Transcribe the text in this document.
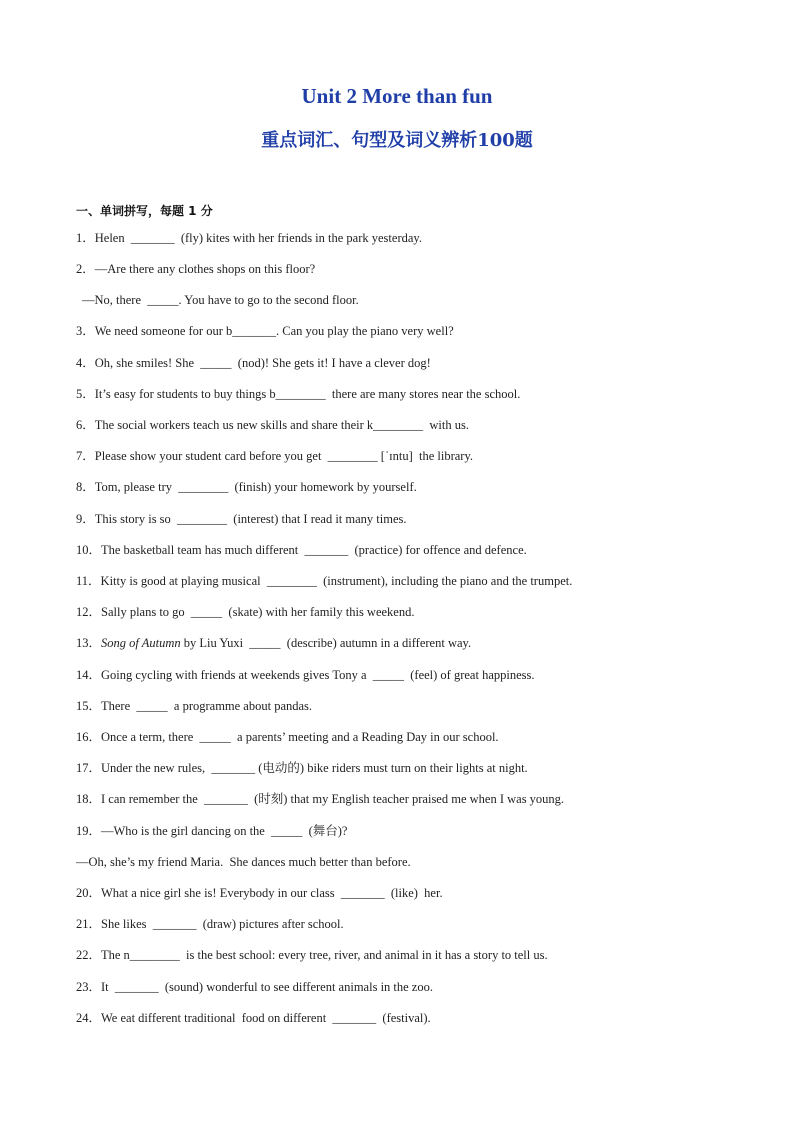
Unit 2 More than fun
重点词汇、句型及词义辨析100题
一、单词拼写，每题 1 分
1．Helen  _______  (fly) kites with her friends in the park yesterday.
2．—Are there any clothes shops on this floor?
—No, there  _____. You have to go to the second floor.
3．We need someone for our b_______. Can you play the piano very well?
4．Oh, she smiles! She  _____  (nod)! She gets it! I have a clever dog!
5．It’s easy for students to buy things b________  there are many stores near the school.
6．The social workers teach us new skills and share their k________  with us.
7．Please show your student card before you get  ________ [ˈɪntu]  the library.
8．Tom, please try  ________  (finish) your homework by yourself.
9．This story is so  ________  (interest) that I read it many times.
10．The basketball team has much different  _______  (practice) for offence and defence.
11．Kitty is good at playing musical  ________  (instrument), including the piano and the trumpet.
12．Sally plans to go  _____  (skate) with her family this weekend.
13．Song of Autumn by Liu Yuxi  _____  (describe) autumn in a different way.
14．Going cycling with friends at weekends gives Tony a  _____  (feel) of great happiness.
15．There  _____  a programme about pandas.
16．Once a term, there  _____  a parents’ meeting and a Reading Day in our school.
17．Under the new rules,  _______ (电动的) bike riders must turn on their lights at night.
18．I can remember the  _______  (时刻) that my English teacher praised me when I was young.
19．—Who is the girl dancing on the  _____  (舞台)?
—Oh, she’s my friend Maria.  She dances much better than before.
20．What a nice girl she is! Everybody in our class  _______  (like)  her.
21．She likes  _______  (draw) pictures after school.
22．The n________  is the best school: every tree, river, and animal in it has a story to tell us.
23．It  _______  (sound) wonderful to see different animals in the zoo.
24．We eat different traditional  food on different  _______  (festival).
